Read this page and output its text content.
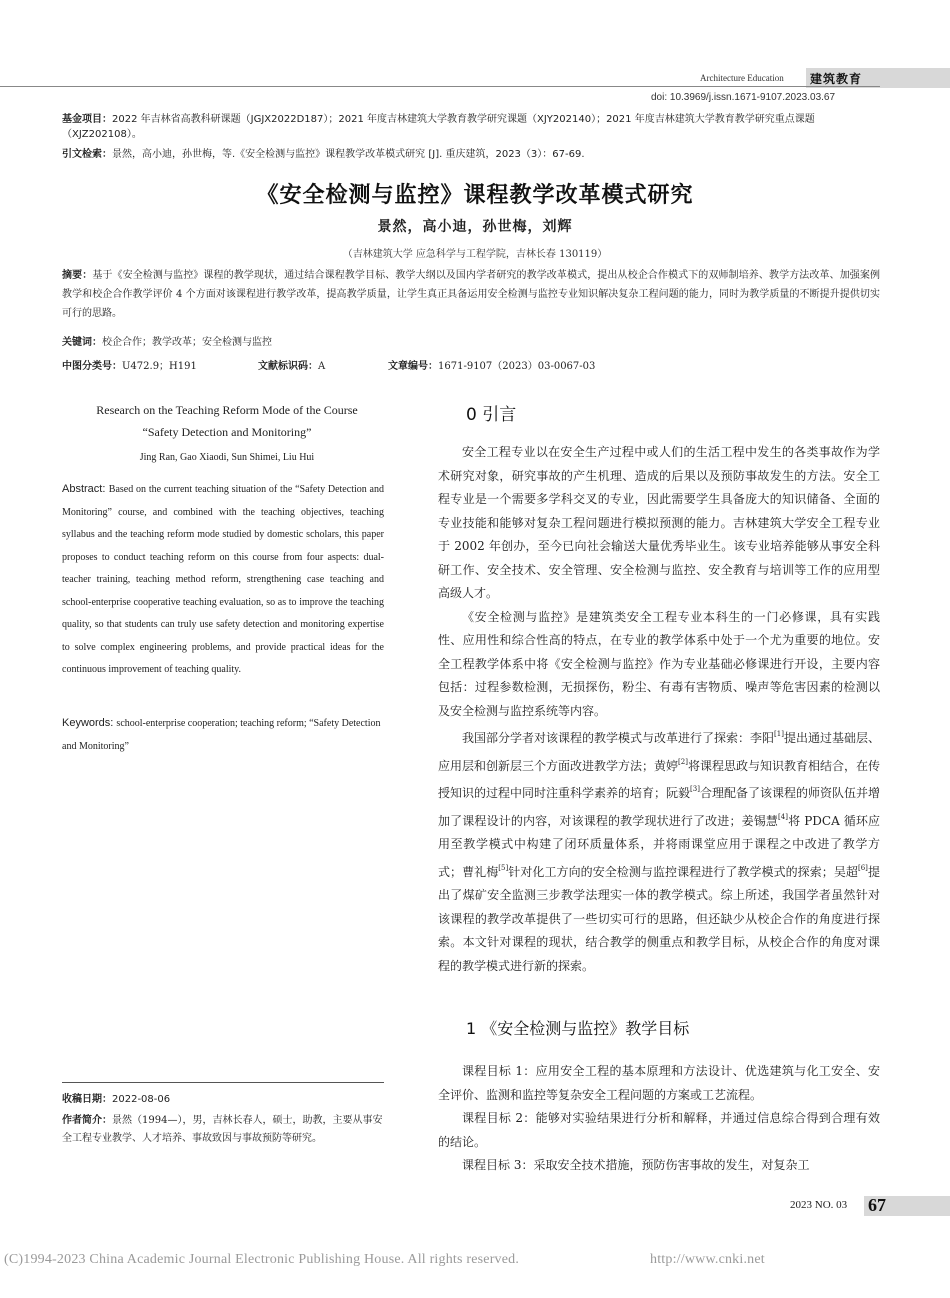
Architecture Education 建筑教育
doi: 10.3969/j.issn.1671-9107.2023.03.67
基金项目：2022 年吉林省高教科研课题（JGJX2022D187）；2021 年度吉林建筑大学教育教学研究课题（XJY202140）；2021 年度吉林建筑大学教育教学研究重点课题（XJZ202108）。
引文检索：景然，高小迪，孙世梅，等.《安全检测与监控》课程教学改革模式研究 [J]. 重庆建筑，2023（3）：67-69.
《安全检测与监控》课程教学改革模式研究
景然，高小迪，孙世梅，刘辉
（吉林建筑大学 应急科学与工程学院，吉林长春 130119）
摘要：基于《安全检测与监控》课程的教学现状，通过结合课程教学目标、教学大纲以及国内学者研究的教学改革模式，提出从校企合作模式下的双师制培养、教学方法改革、加强案例教学和校企合作教学评价 4 个方面对该课程进行教学改革，提高教学质量，让学生真正具备运用安全检测与监控专业知识解决复杂工程问题的能力，同时为教学质量的不断提升提供切实可行的思路。
关键词：校企合作；教学改革；安全检测与监控
中图分类号：U472.9；H191	文献标识码：A	文章编号：1671-9107（2023）03-0067-03
Research on the Teaching Reform Mode of the Course
“Safety Detection and Monitoring”
Jing Ran, Gao Xiaodi, Sun Shimei, Liu Hui
Abstract: Based on the current teaching situation of the “Safety Detection and Monitoring” course, and combined with the teaching objectives, teaching syllabus and the teaching reform mode studied by domestic scholars, this paper proposes to conduct teaching reform on this course from four aspects: dual-teacher training, teaching method reform, strengthening case teaching and school-enterprise cooperative teaching evaluation, so as to improve the teaching quality, so that students can truly use safety detection and monitoring expertise to solve complex engineering problems, and provide practical ideas for the continuous improvement of teaching quality.
Keywords: school-enterprise cooperation; teaching reform; “Safety Detection and Monitoring”
收稿日期：2022-08-06
作者简介：景然（1994—），男，吉林长春人，硕士，助教，主要从事安全工程专业教学、人才培养、事故致因与事故预防等研究。
0 引言

安全工程专业以在安全生产过程中或人们的生活工程中发生的各类事故作为学术研究对象，研究事故的产生机理、造成的后果以及预防事故发生的方法。安全工程专业是一个需要多学科交叉的专业，因此需要学生具备庞大的知识储备、全面的专业技能和能够对复杂工程问题进行模拟预测的能力。吉林建筑大学安全工程专业于 2002 年创办，至今已向社会输送大量优秀毕业生。该专业培养能够从事安全科研工作、安全技术、安全管理、安全检测与监控、安全教育与培训等工作的应用型高级人才。

《安全检测与监控》是建筑类安全工程专业本科生的一门必修课，具有实践性、应用性和综合性高的特点，在专业的教学体系中处于一个尤为重要的地位。安全工程教学体系中将《安全检测与监控》作为专业基础必修课进行开设，主要内容包括：过程参数检测，无损探伤，粉尘、有毒有害物质、噪声等危害因素的检测以及安全检测与监控系统等内容。

我国部分学者对该课程的教学模式与改革进行了探索：李阳[1]提出通过基础层、应用层和创新层三个方面改进教学方法；黄婷[2]将课程思政与知识教育相结合，在传授知识的过程中同时注重科学素养的培育；阮毅[3]合理配备了该课程的师资队伍并增加了课程设计的内容，对该课程的教学现状进行了改进；姜锡慧[4]将 PDCA 循环应用至教学模式中构建了闭环质量体系，并将雨课堂应用于课程之中改进了教学方式；曹礼梅[5]针对化工方向的安全检测与监控课程进行了教学模式的探索；吴超[6]提出了煤矿安全监测三步教学法理实一体的教学模式。综上所述，我国学者虽然针对该课程的教学改革提供了一些切实可行的思路，但还缺少从校企合作的角度进行探索。本文针对课程的现状，结合教学的侧重点和教学目标，从校企合作的角度对课程的教学模式进行新的探索。

1 《安全检测与监控》教学目标

课程目标 1：应用安全工程的基本原理和方法设计、优选建筑与化工安全、安全评价、监测和监控等复杂安全工程问题的方案或工艺流程。

课程目标 2：能够对实验结果进行分析和解释，并通过信息综合得到合理有效的结论。

课程目标 3：采取安全技术措施，预防伤害事故的发生，对复杂工

2023 NO. 03 67
(C)1994-2023 China Academic Journal Electronic Publishing House. All rights reserved.	http://www.cnki.net
